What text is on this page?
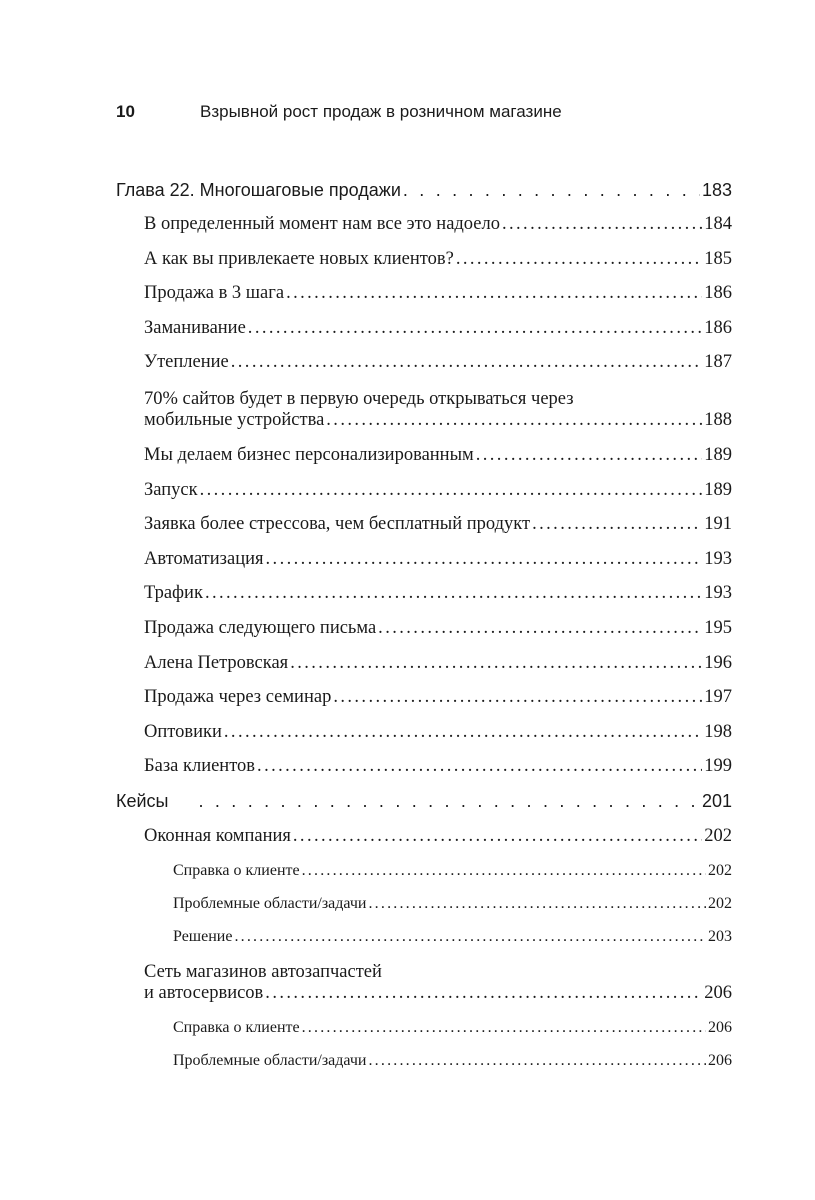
10	Взрывной рост продаж в розничном магазине
Глава 22. Многошаговые продажи . . .	183
В определенный момент нам все это надоело .....	184
А как вы привлекаете новых клиентов? .....	185
Продажа в 3 шага .....	186
Заманивание .....	186
Утепление .....	187
70% сайтов будет в первую очередь открываться через
мобильные устройства .....	188
Мы делаем бизнес персонализированным .....	189
Запуск .....	189
Заявка более стрессова, чем бесплатный продукт .....	191
Автоматизация .....	193
Трафик .....	193
Продажа следующего письма .....	195
Алена Петровская .....	196
Продажа через семинар .....	197
Оптовики .....	198
База клиентов .....	199
Кейсы . . .	201
Оконная компания .....	202
Справка о клиенте .....	202
Проблемные области/задачи .....	202
Решение .....	203
Сеть магазинов автозапчастей
и автосервисов .....	206
Справка о клиенте .....	206
Проблемные области/задачи .....	206
